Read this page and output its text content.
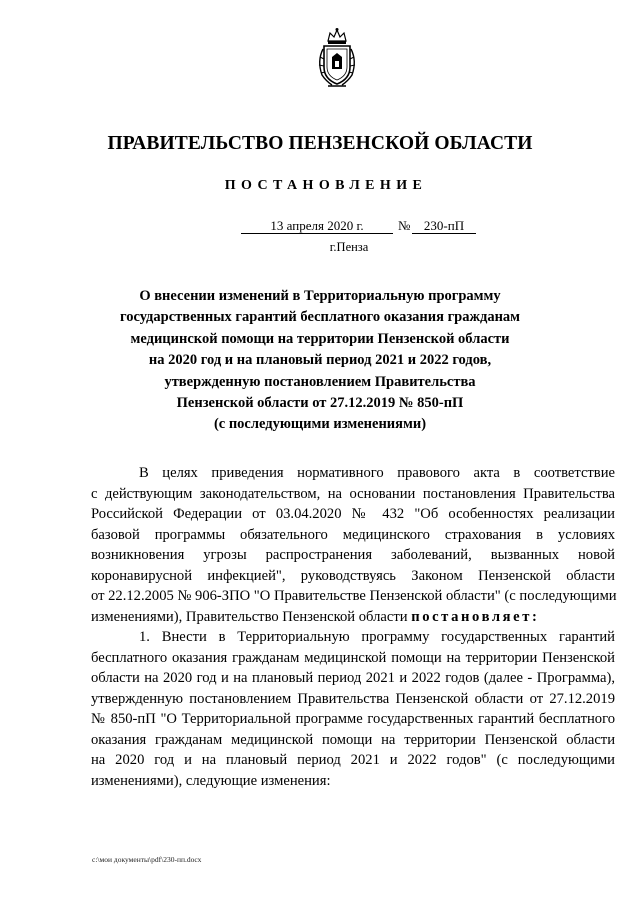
ПРАВИТЕЛЬСТВО ПЕНЗЕНСКОЙ ОБЛАСТИ
ПОСТАНОВЛЕНИЕ
13 апреля 2020 г.	№	230-пП
г.Пенза
О внесении изменений в Территориальную программу
государственных гарантий бесплатного оказания гражданам
медицинской помощи на территории Пензенской области
на 2020 год и на плановый период 2021 и 2022 годов,
утвержденную постановлением Правительства
Пензенской области от 27.12.2019 № 850-пП
(с последующими изменениями)
В целях приведения нормативного правового акта в соответствие
с действующим законодательством, на основании постановления Правительства
Российской Федерации от 03.04.2020 № 432 "Об особенностях реализации
базовой программы обязательного медицинского страхования в условиях
возникновения угрозы распространения заболеваний, вызванных новой
коронавирусной инфекцией", руководствуясь Законом Пензенской области
от 22.12.2005 № 906-ЗПО "О Правительстве Пензенской области" (с последующими
изменениями), Правительство Пензенской области постановляет:
1. Внести в Территориальную программу государственных гарантий
бесплатного оказания гражданам медицинской помощи на территории Пензенской
области на 2020 год и на плановый период 2021 и 2022 годов (далее - Программа),
утвержденную постановлением Правительства Пензенской области от 27.12.2019
№ 850-пП "О Территориальной программе государственных гарантий бесплатного
оказания гражданам медицинской помощи на территории Пензенской области
на 2020 год и на плановый период 2021 и 2022 годов" (с последующими
изменениями), следующие изменения:
c:\мои документы\pdf\230-пп.docx
